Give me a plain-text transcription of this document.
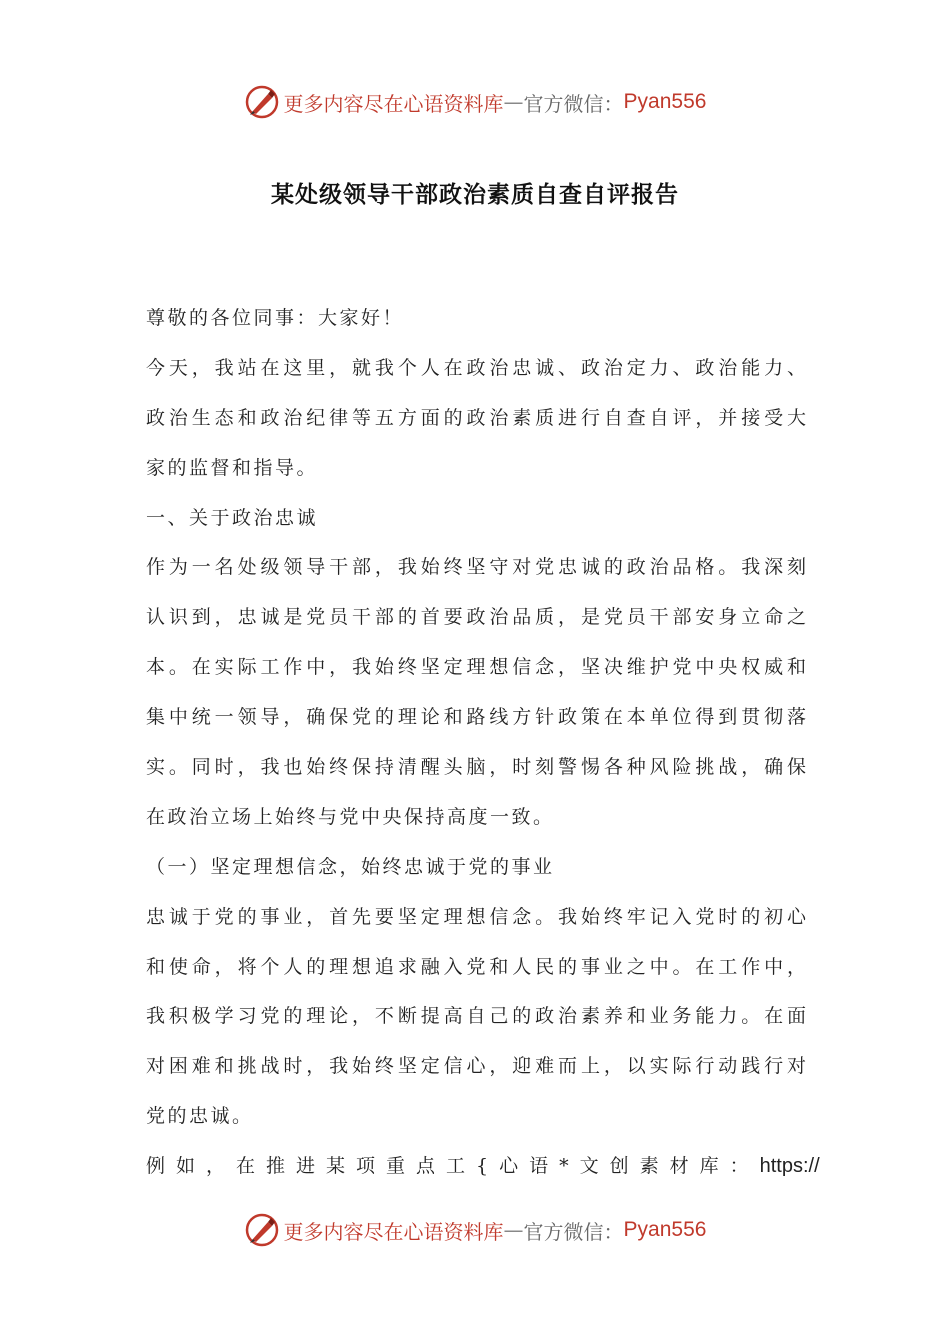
更多内容尽在心语资料库 — 官方微信： Pyan556
某处级领导干部政治素质自查自评报告
尊敬的各位同事：大家好！
今天，我站在这里，就我个人在政治忠诚、政治定力、政治能力、
政治生态和政治纪律等五方面的政治素质进行自查自评，并接受大
家的监督和指导。
一、关于政治忠诚
作为一名处级领导干部，我始终坚守对党忠诚的政治品格。我深刻
认识到，忠诚是党员干部的首要政治品质，是党员干部安身立命之
本。在实际工作中，我始终坚定理想信念，坚决维护党中央权威和
集中统一领导，确保党的理论和路线方针政策在本单位得到贯彻落
实。同时，我也始终保持清醒头脑，时刻警惕各种风险挑战，确保
在政治立场上始终与党中央保持高度一致。
（一）坚定理想信念，始终忠诚于党的事业
忠诚于党的事业，首先要坚定理想信念。我始终牢记入党时的初心
和使命，将个人的理想追求融入党和人民的事业之中。在工作中，
我积极学习党的理论，不断提高自己的政治素养和业务能力。在面
对困难和挑战时，我始终坚定信心，迎难而上，以实际行动践行对
党的忠诚。
例如，在推进某项重点工{心语*文创素材库：https://
更多内容尽在心语资料库 — 官方微信： Pyan556
